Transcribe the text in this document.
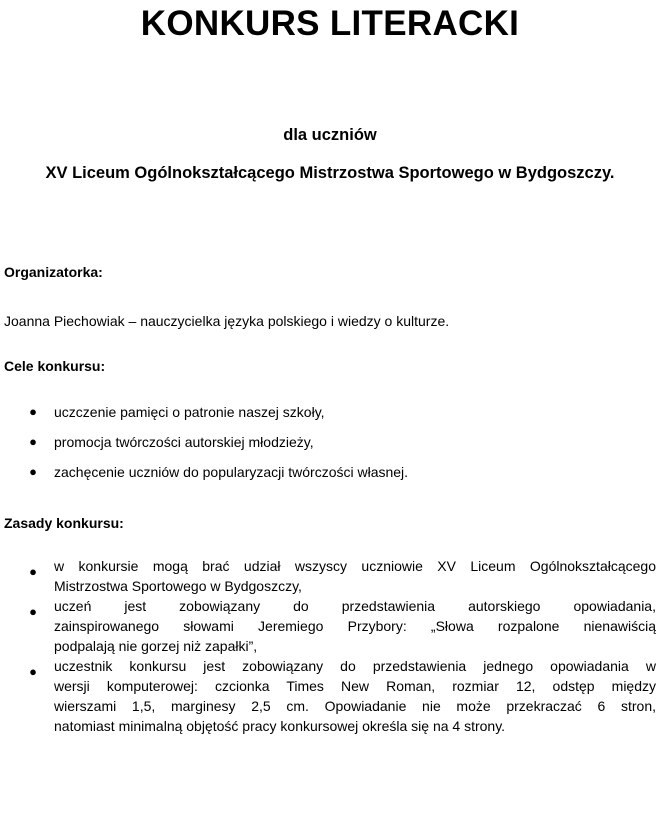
KONKURS LITERACKI
dla uczniów
XV Liceum Ogólnokształcącego Mistrzostwa Sportowego w Bydgoszczy.
Organizatorka:
Joanna Piechowiak – nauczycielka języka polskiego i wiedzy o kulturze.
Cele konkursu:
● uczczenie pamięci o patronie naszej szkoły,
● promocja twórczości autorskiej młodzieży,
● zachęcenie uczniów do popularyzacji twórczości własnej.
Zasady konkursu:
● w konkursie mogą brać udział wszyscy uczniowie XV Liceum Ogólnokształcącego
Mistrzostwa Sportowego w Bydgoszczy,
● uczeń jest zobowiązany do przedstawienia autorskiego opowiadania,
zainspirowanego słowami Jeremiego Przybory: „Słowa rozpalone nienawiścią
podpalają nie gorzej niż zapałki”,
● uczestnik konkursu jest zobowiązany do przedstawienia jednego opowiadania w
wersji komputerowej: czcionka Times New Roman, rozmiar 12, odstęp między
wierszami 1,5, marginesy 2,5 cm. Opowiadanie nie może przekraczać 6 stron,
natomiast minimalną objętość pracy konkursowej określa się na 4 strony.
